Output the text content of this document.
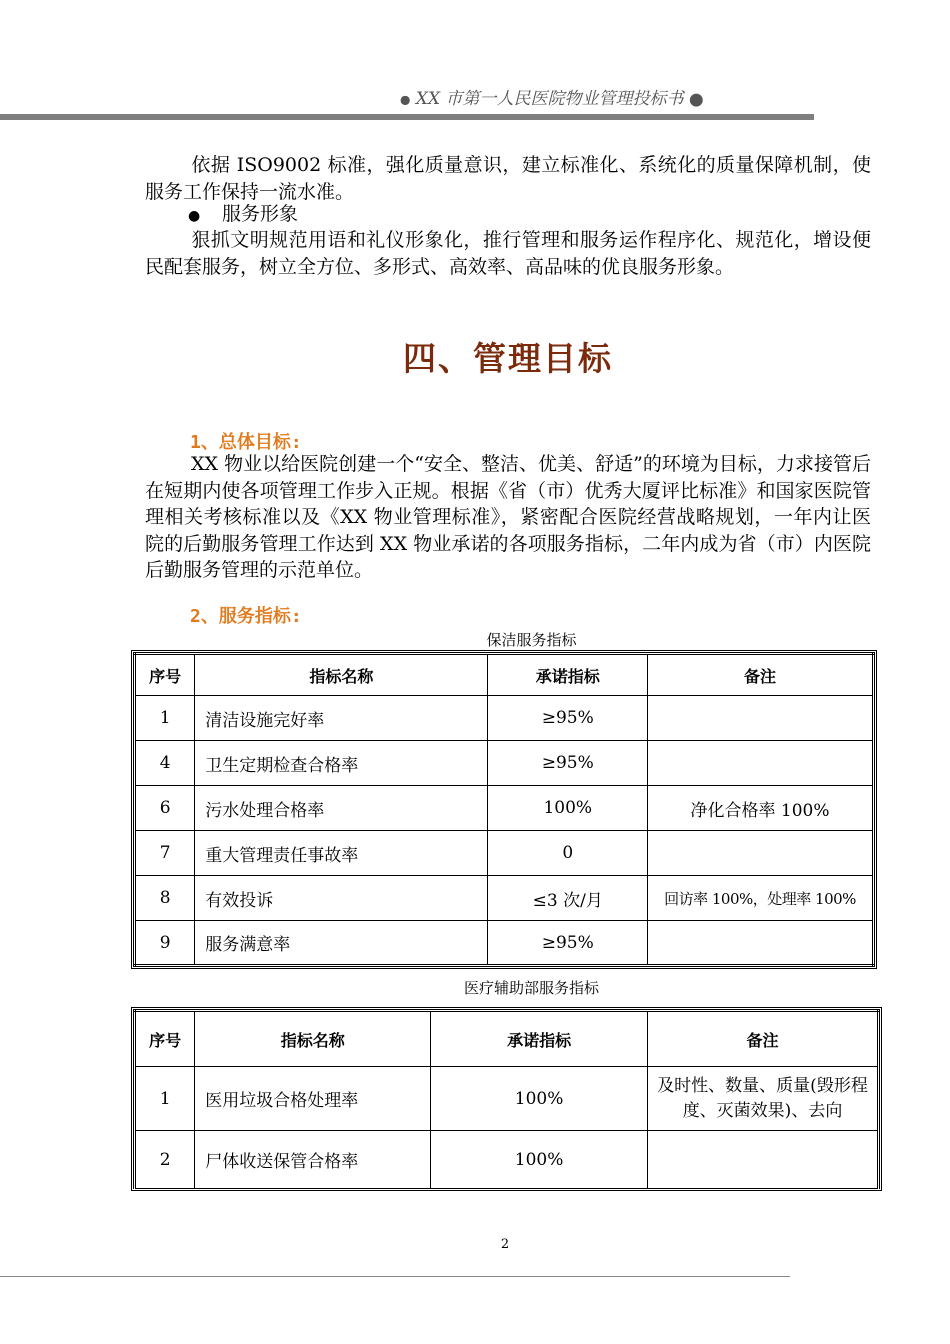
● XX 市第一人民医院物业管理投标书 ●
依据 ISO9002 标准，强化质量意识，建立标准化、系统化的质量保障机制，使服务工作保持一流水准。
● 服务形象
狠抓文明规范用语和礼仪形象化，推行管理和服务运作程序化、规范化，增设便民配套服务，树立全方位、多形式、高效率、高品味的优良服务形象。
四、管理目标
1、总体目标:
XX 物业以给医院创建一个“安全、整洁、优美、舒适”的环境为目标，力求接管后在短期内使各项管理工作步入正规。根据《省（市）优秀大厦评比标准》和国家医院管理相关考核标准以及《XX 物业管理标准》，紧密配合医院经营战略规划，一年内让医院的后勤服务管理工作达到 XX 物业承诺的各项服务指标，二年内成为省（市）内医院后勤服务管理的示范单位。
2、服务指标:
保洁服务指标
序号	指标名称	承诺指标	备注
1	清洁设施完好率	≥95%	
4	卫生定期检查合格率	≥95%	
6	污水处理合格率	100%	净化合格率 100%
7	重大管理责任事故率	0	
8	有效投诉	≤3 次/月	回访率 100%，处理率 100%
9	服务满意率	≥95%	
医疗辅助部服务指标
序号	指标名称	承诺指标	备注
1	医用垃圾合格处理率	100%	及时性、数量、质量(毁形程度、灭菌效果)、去向
2	尸体收送保管合格率	100%	
2
